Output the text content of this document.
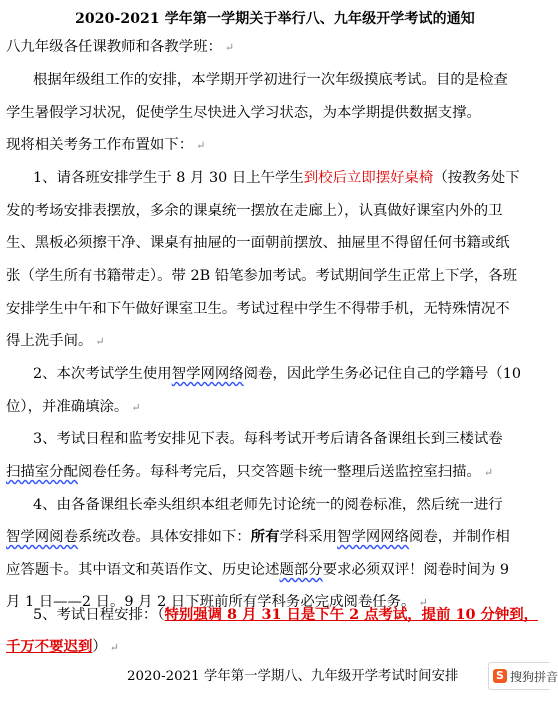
2020-2021 学年第一学期关于举行八、九年级开学考试的通知
八九年级各任课教师和各教学班： ↵
根据年级组工作的安排，本学期开学初进行一次年级摸底考试。目的是检查
学生暑假学习状况，促使学生尽快进入学习状态，为本学期提供数据支撑。
现将相关考务工作布置如下： ↵
1、请各班安排学生于 8 月 30 日上午学生到校后立即摆好桌椅（按教务处下
发的考场安排表摆放，多余的课桌统一摆放在走廊上），认真做好课室内外的卫
生、黑板必须擦干净、课桌有抽屉的一面朝前摆放、抽屉里不得留任何书籍或纸
张（学生所有书籍带走）。带 2B 铅笔参加考试。考试期间学生正常上下学，各班
安排学生中午和下午做好课室卫生。考试过程中学生不得带手机，无特殊情况不
得上洗手间。 ↵
2、本次考试学生使用智学网网络阅卷，因此学生务必记住自己的学籍号（10
位），并准确填涂。 ↵
3、考试日程和监考安排见下表。每科考试开考后请各备课组长到三楼试卷
扫描室分配阅卷任务。每科考完后，只交答题卡统一整理后送监控室扫描。 ↵
4、由各备课组长牵头组织本组老师先讨论统一的阅卷标准，然后统一进行
智学网阅卷系统改卷。具体安排如下：所有学科采用智学网网络阅卷，并制作相
应答题卡。其中语文和英语作文、历史论述题部分要求必须双评！阅卷时间为 9
月 1 日——2 日。9 月 2 日下班前所有学科务必完成阅卷任务。 ↵
5、考试日程安排：（特别强调 8 月 31 日是下午 2 点考试，提前 10 分钟到，
千万不要迟到） ↵
2020-2021 学年第一学期八、九年级开学考试时间安排	S 搜狗拼音
